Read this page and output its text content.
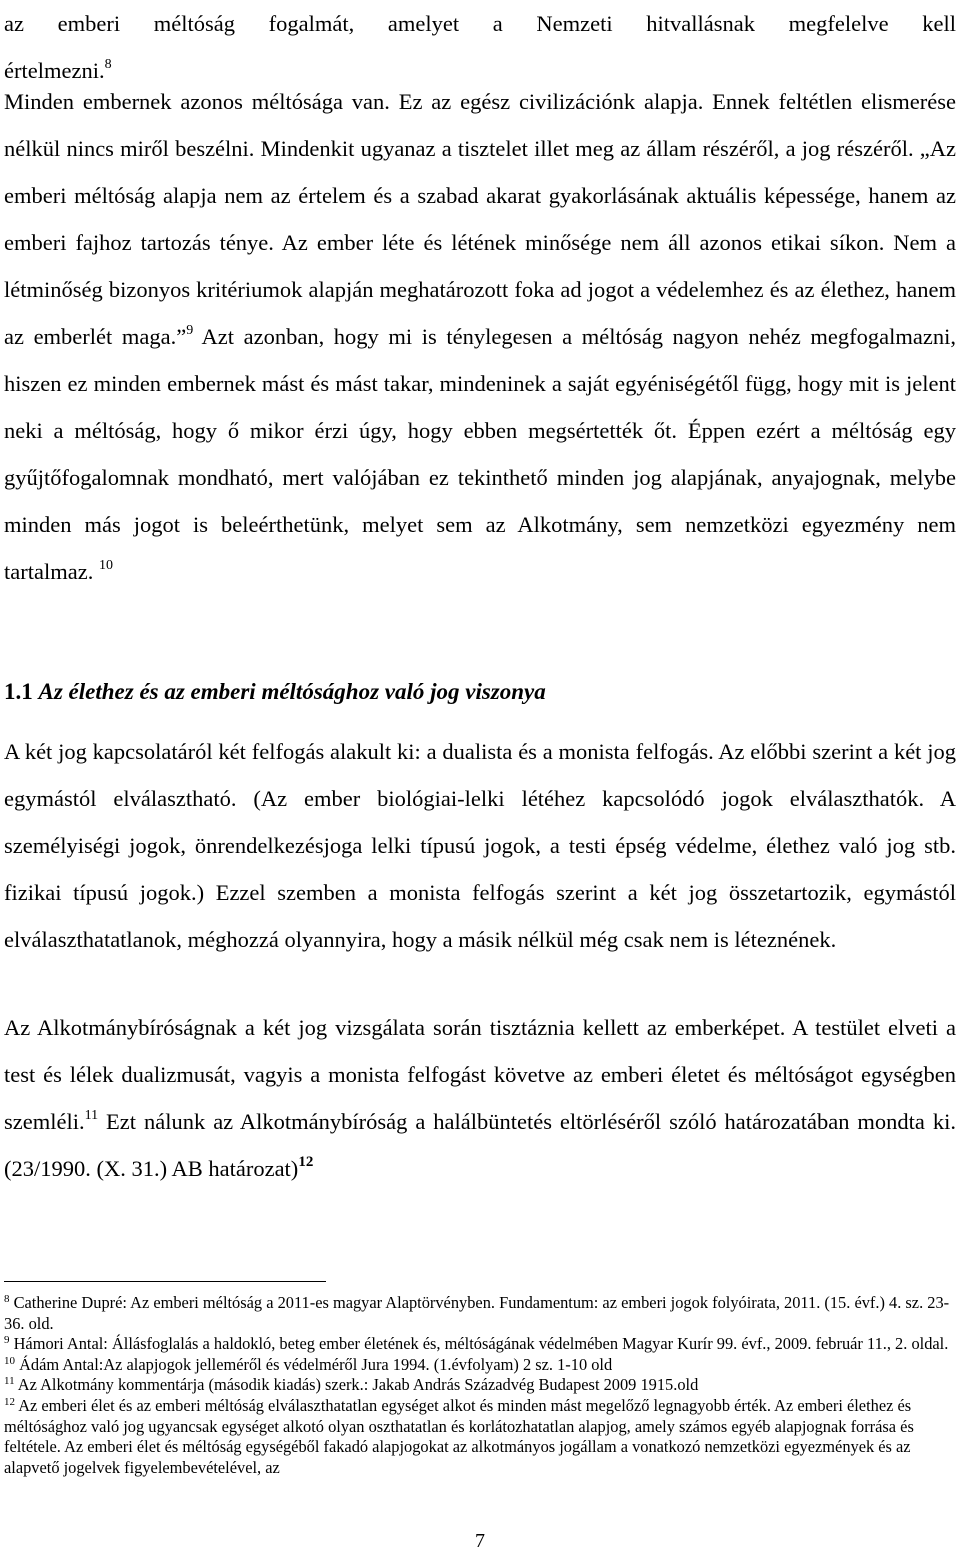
az emberi méltóság fogalmát, amelyet a Nemzeti hitvallásnak megfelelve kell
értelmezni.$^8$

Minden embernek azonos méltósága van. Ez az egész civilizációnk alapja. Ennek feltétlen elismerése nélkül nincs miről beszélni. Mindenkit ugyanaz a tisztelet illet meg az állam részéről, a jog részéről. „Az emberi méltóság alapja nem az értelem és a szabad akarat gyakorlásának aktuális képessége, hanem az emberi fajhoz tartozás ténye. Az ember léte és létének minősége nem áll azonos etikai síkon. Nem a létminőség bizonyos kritériumok alapján meghatározott foka ad jogot a védelemhez és az élethez, hanem az emberlét maga.”$^9$ Azt azonban, hogy mi is ténylegesen a méltóság nagyon nehéz megfogalmazni, hiszen ez minden embernek mást és mást takar, mindeninek a saját egyéniségétől függ, hogy mit is jelent neki a méltóság, hogy ő mikor érzi úgy, hogy ebben megsértették őt. Éppen ezért a méltóság egy gyűjtőfogalomnak mondható, mert valójában ez tekinthető minden jog alapjának, anyajognak, melybe minden más jogot is beleérthetünk, melyet sem az Alkotmány, sem nemzetközi egyezmény nem tartalmaz. $^{10}$

1.1 Az élethez és az emberi méltósághoz való jog viszonya

A két jog kapcsolatáról két felfogás alakult ki: a dualista és a monista felfogás. Az előbbi szerint a két jog egymástól elválasztható. (Az ember biológiai-lelki létéhez kapcsolódó jogok elválaszthatók. A személyiségi jogok, önrendelkezésjoga lelki típusú jogok, a testi épség védelme, élethez való jog stb. fizikai típusú jogok.) Ezzel szemben a monista felfogás szerint a két jog összetartozik, egymástól elválaszthatatlanok, méghozzá olyannyira, hogy a másik nélkül még csak nem is léteznének.

Az Alkotmánybíróságnak a két jog vizsgálata során tisztáznia kellett az emberképet. A testület elveti a test és lélek dualizmusát, vagyis a monista felfogást követve az emberi életet és méltóságot egységben szemléli.$^{11}$ Ezt nálunk az Alkotmánybíróság a halálbüntetés eltörléséről szóló határozatában mondta ki. (23/1990. (X. 31.) AB határozat)$^{12}$

$^8$ Catherine Dupré: Az emberi méltóság a 2011-es magyar Alaptörvényben. Fundamentum: az emberi jogok folyóirata, 2011. (15. évf.) 4. sz. 23-36. old.

$^9$ Hámori Antal: Állásfoglalás a haldokló, beteg ember életének és, méltóságának védelmében Magyar Kurír 99. évf., 2009. február 11., 2. oldal.

$^{10}$ Ádám Antal:Az alapjogok jelleméről és védelméről Jura 1994. (1.évfolyam) 2 sz. 1-10 old

$^{11}$ Az Alkotmány kommentárja (második kiadás) szerk.: Jakab András Századvég Budapest 2009 1915.old

$^{12}$ Az emberi élet és az emberi méltóság elválaszthatatlan egységet alkot és minden mást megelőző legnagyobb érték. Az emberi élethez és méltósághoz való jog ugyancsak egységet alkotó olyan oszthatatlan és korlátozhatatlan alapjog, amely számos egyéb alapjognak forrása és feltétele. Az emberi élet és méltóság egységéből fakadó alapjogokat az alkotmányos jogállam a vonatkozó nemzetközi egyezmények és az alapvető jogelvek figyelembevételével, az

7
